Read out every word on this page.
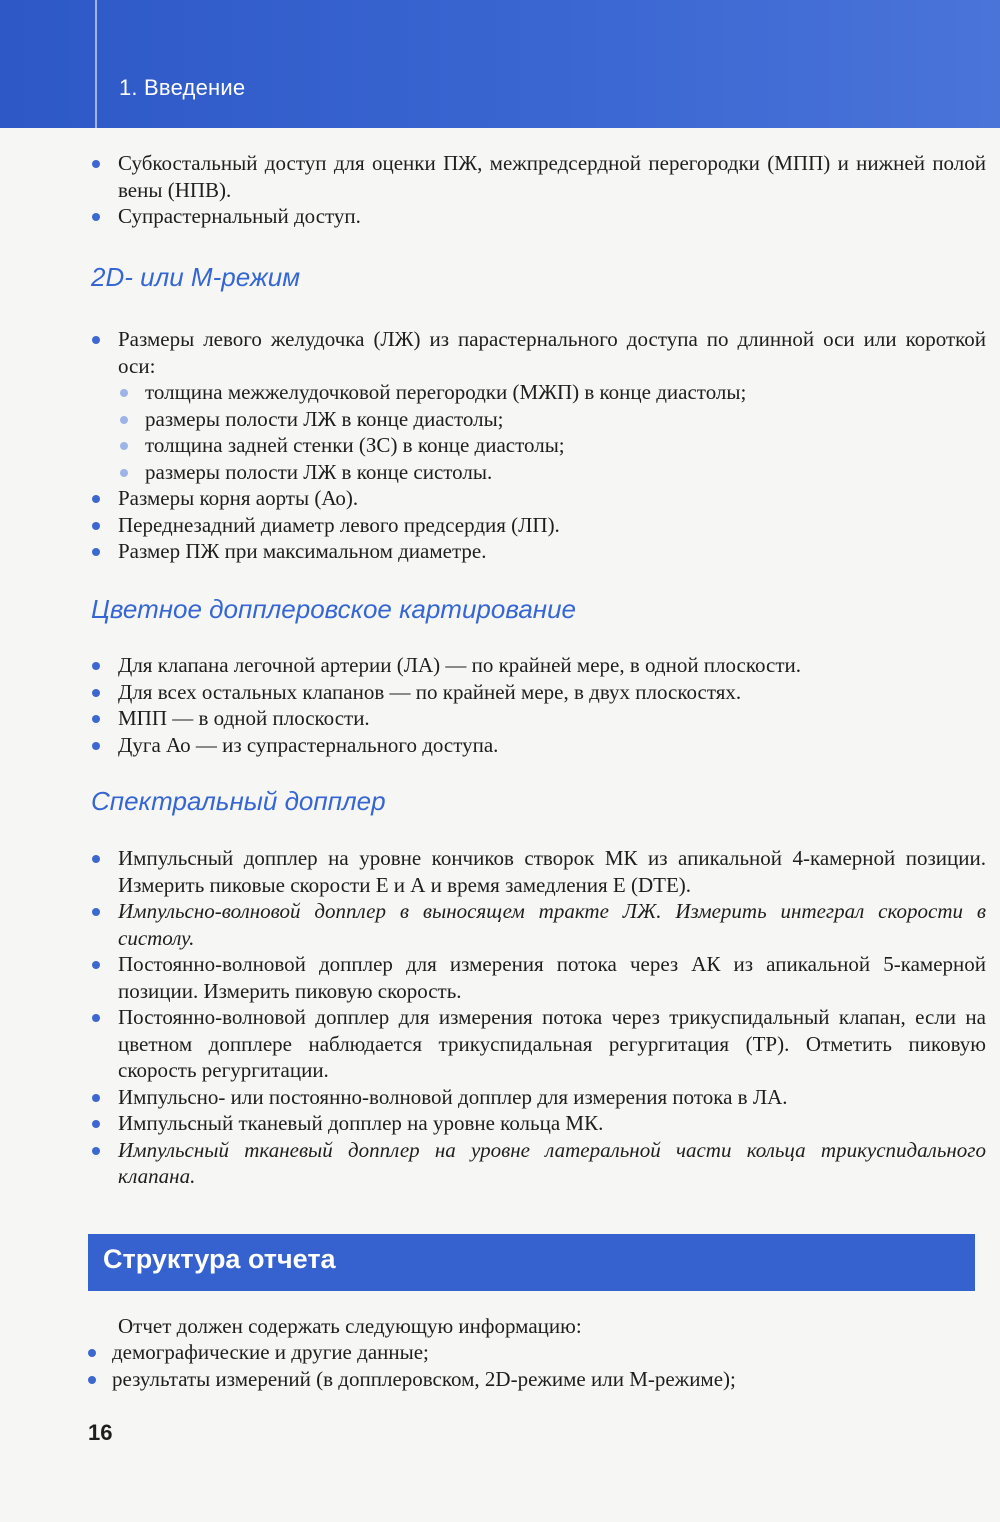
1. Введение
Субкостальный доступ для оценки ПЖ, межпредсердной перегородки (МПП) и нижней полой вены (НПВ).
Супрастернальный доступ.
2D- или М-режим
Размеры левого желудочка (ЛЖ) из парастернального доступа по длинной оси или короткой оси:
толщина межжелудочковой перегородки (МЖП) в конце диастолы;
размеры полости ЛЖ в конце диастолы;
толщина задней стенки (ЗС) в конце диастолы;
размеры полости ЛЖ в конце систолы.
Размеры корня аорты (Ао).
Переднезадний диаметр левого предсердия (ЛП).
Размер ПЖ при максимальном диаметре.
Цветное допплеровское картирование
Для клапана легочной артерии (ЛА) — по крайней мере, в одной плоскости.
Для всех остальных клапанов — по крайней мере, в двух плоскостях.
МПП — в одной плоскости.
Дуга Ао — из супрастернального доступа.
Спектральный допплер
Импульсный допплер на уровне кончиков створок МК из апикальной 4-камерной позиции. Измерить пиковые скорости Е и А и время замедления Е (DTE).
Импульсно-волновой допплер в выносящем тракте ЛЖ. Измерить интеграл скорости в систолу.
Постоянно-волновой допплер для измерения потока через АК из апикальной 5-камерной позиции. Измерить пиковую скорость.
Постоянно-волновой допплер для измерения потока через трикуспидальный клапан, если на цветном допплере наблюдается трикуспидальная регургитация (ТР). Отметить пиковую скорость регургитации.
Импульсно- или постоянно-волновой допплер для измерения потока в ЛА.
Импульсный тканевый допплер на уровне кольца МК.
Импульсный тканевый допплер на уровне латеральной части кольца трикуспидального клапана.
Структура отчета
Отчет должен содержать следующую информацию:
демографические и другие данные;
результаты измерений (в допплеровском, 2D-режиме или М-режиме);
16
